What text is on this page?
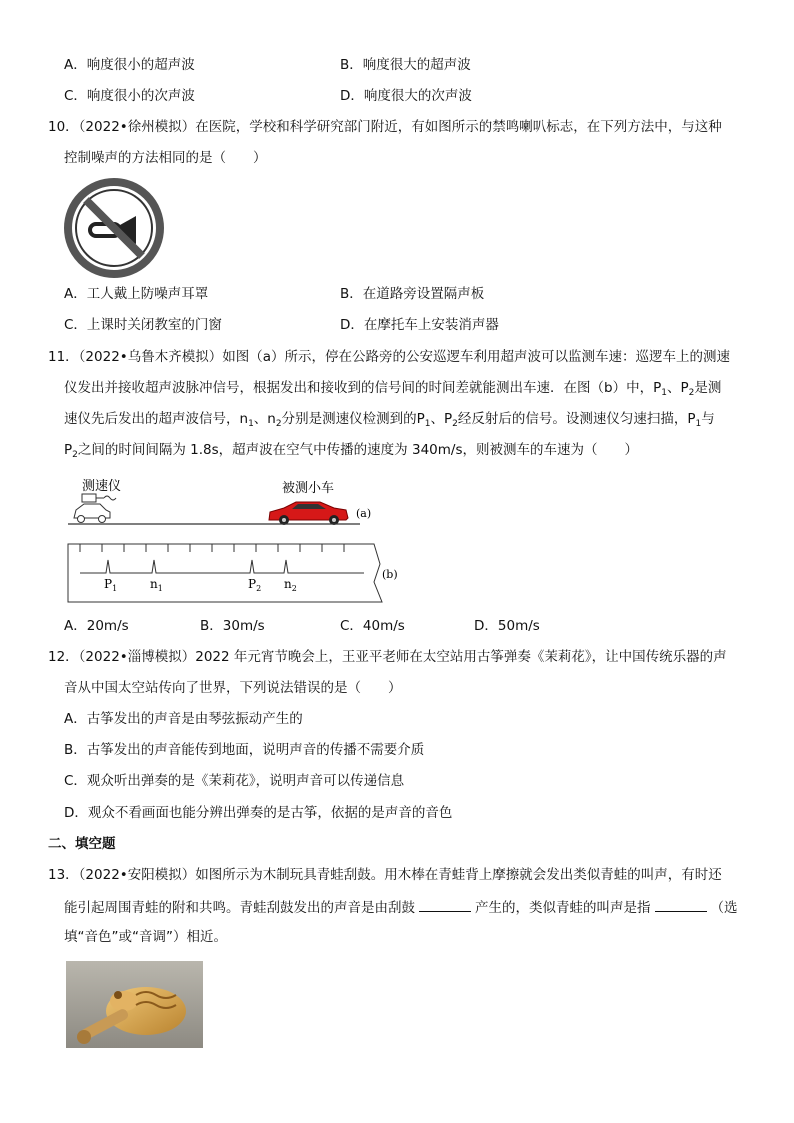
A．响度很小的超声波	B．响度很大的超声波
C．响度很小的次声波	D．响度很大的次声波
10．（2022•徐州模拟）在医院，学校和科学研究部门附近，有如图所示的禁鸣喇叭标志，在下列方法中，与这种
控制噪声的方法相同的是（　　）
A．工人戴上防噪声耳罩	B．在道路旁设置隔声板
C．上课时关闭教室的门窗	D．在摩托车上安装消声器
11．（2022•乌鲁木齐模拟）如图（a）所示，停在公路旁的公安巡逻车利用超声波可以监测车速：巡逻车上的测速
仪发出并接收超声波脉冲信号，根据发出和接收到的信号间的时间差就能测出车速．在图（b）中，$P_1$、$P_2$是测
速仪先后发出的超声波信号，$n_1$、$n_2$分别是测速仪检测到的$P_1$、$P_2$经反射后的信号。设测速仪匀速扫描，$P_1$与
$P_2$之间的时间间隔为 1.8s，超声波在空气中传播的速度为 340m/s，则被测车的车速为（　　）
测速仪	被测小车
(a)
$P_1$	$n_1$	$P_2$ $n_2$
(b)
A．20m/s	B．30m/s	C．40m/s	D．50m/s
12．（2022•淄博模拟）2022 年元宵节晚会上，王亚平老师在太空站用古筝弹奏《茉莉花》，让中国传统乐器的声
音从中国太空站传向了世界，下列说法错误的是（　　）
A．古筝发出的声音是由琴弦振动产生的
B．古筝发出的声音能传到地面，说明声音的传播不需要介质
C．观众听出弹奏的是《茉莉花》，说明声音可以传递信息
D．观众不看画面也能分辨出弹奏的是古筝，依据的是声音的音色
二、填空题
13．（2022•安阳模拟）如图所示为木制玩具青蛙刮鼓。用木棒在青蛙背上摩擦就会发出类似青蛙的叫声，有时还
能引起周围青蛙的附和共鸣。青蛙刮鼓发出的声音是由刮鼓	产生的，类似青蛙的叫声是指	（选
填“音色”或“音调”）相近。
